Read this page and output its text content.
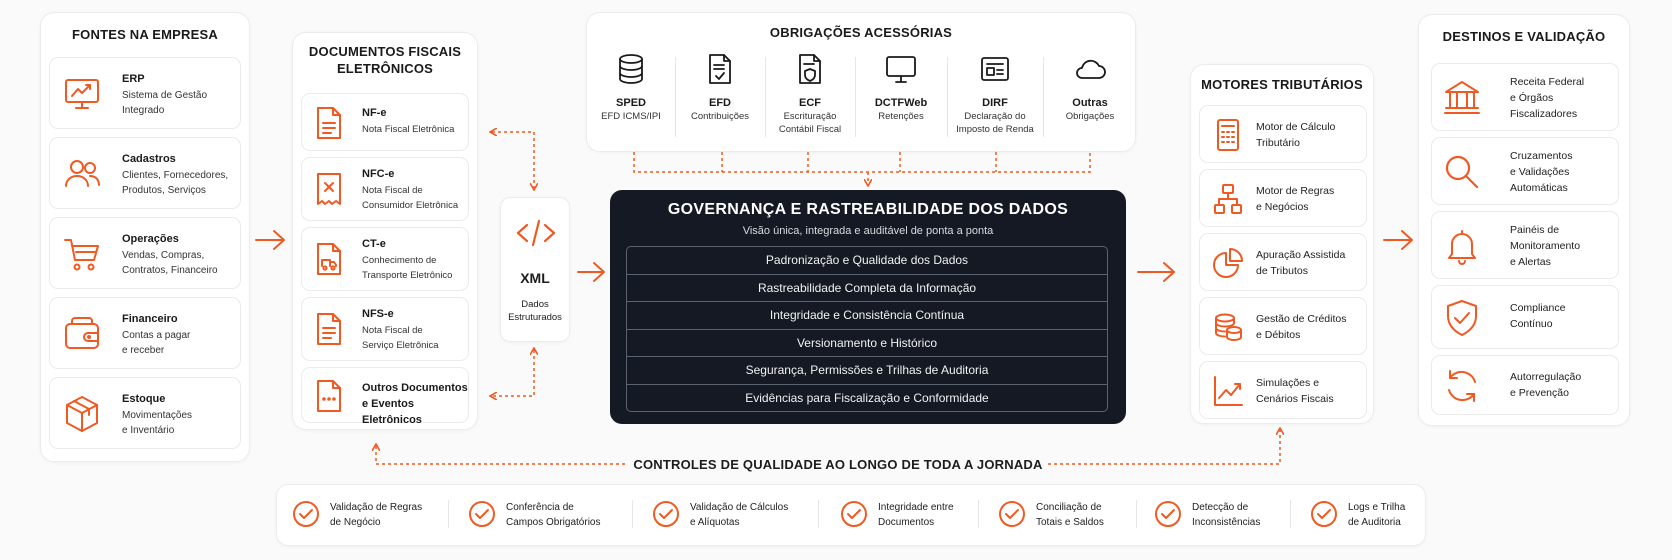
FONTES NA EMPRESA
ERP
Sistema de Gestão
Integrado
Cadastros
Clientes, Fornecedores,
Produtos, Serviços
Operações
Vendas, Compras,
Contratos, Financeiro
Financeiro
Contas a pagar
e receber
Estoque
Movimentações
e Inventário
DOCUMENTOS FISCAIS
ELETRÔNICOS
NF-e
Nota Fiscal Eletrônica
NFC-e
Nota Fiscal de
Consumidor Eletrônica
CT-e
Conhecimento de
Transporte Eletrônico
NFS-e
Nota Fiscal de
Serviço Eletrônica
Outros Documentos
e Eventos Eletrônicos
XML
Dados
Estruturados
OBRIGAÇÕES ACESSÓRIAS
SPED
EFD ICMS/IPI
EFD
Contribuições
ECF
Escrituração
Contábil Fiscal
DCTFWeb
Retenções
DIRF
Declaração do
Imposto de Renda
Outras
Obrigações
GOVERNANÇA E RASTREABILIDADE DOS DADOS
Visão única, integrada e auditável de ponta a ponta
Padronização e Qualidade dos Dados
Rastreabilidade Completa da Informação
Integridade e Consistência Contínua
Versionamento e Histórico
Segurança, Permissões e Trilhas de Auditoria
Evidências para Fiscalização e Conformidade
MOTORES TRIBUTÁRIOS
Motor de Cálculo
Tributário
Motor de Regras
e Negócios
Apuração Assistida
de Tributos
Gestão de Créditos
e Débitos
Simulações e
Cenários Fiscais
DESTINOS E VALIDAÇÃO
Receita Federal
e Órgãos
Fiscalizadores
Cruzamentos
e Validações
Automáticas
Painéis de
Monitoramento
e Alertas
Compliance
Contínuo
Autorregulação
e Prevenção
CONTROLES DE QUALIDADE AO LONGO DE TODA A JORNADA
Validação de Regras
de Negócio
Conferência de
Campos Obrigatórios
Validação de Cálculos
e Alíquotas
Integridade entre
Documentos
Conciliação de
Totais e Saldos
Detecção de
Inconsistências
Logs e Trilha
de Auditoria
